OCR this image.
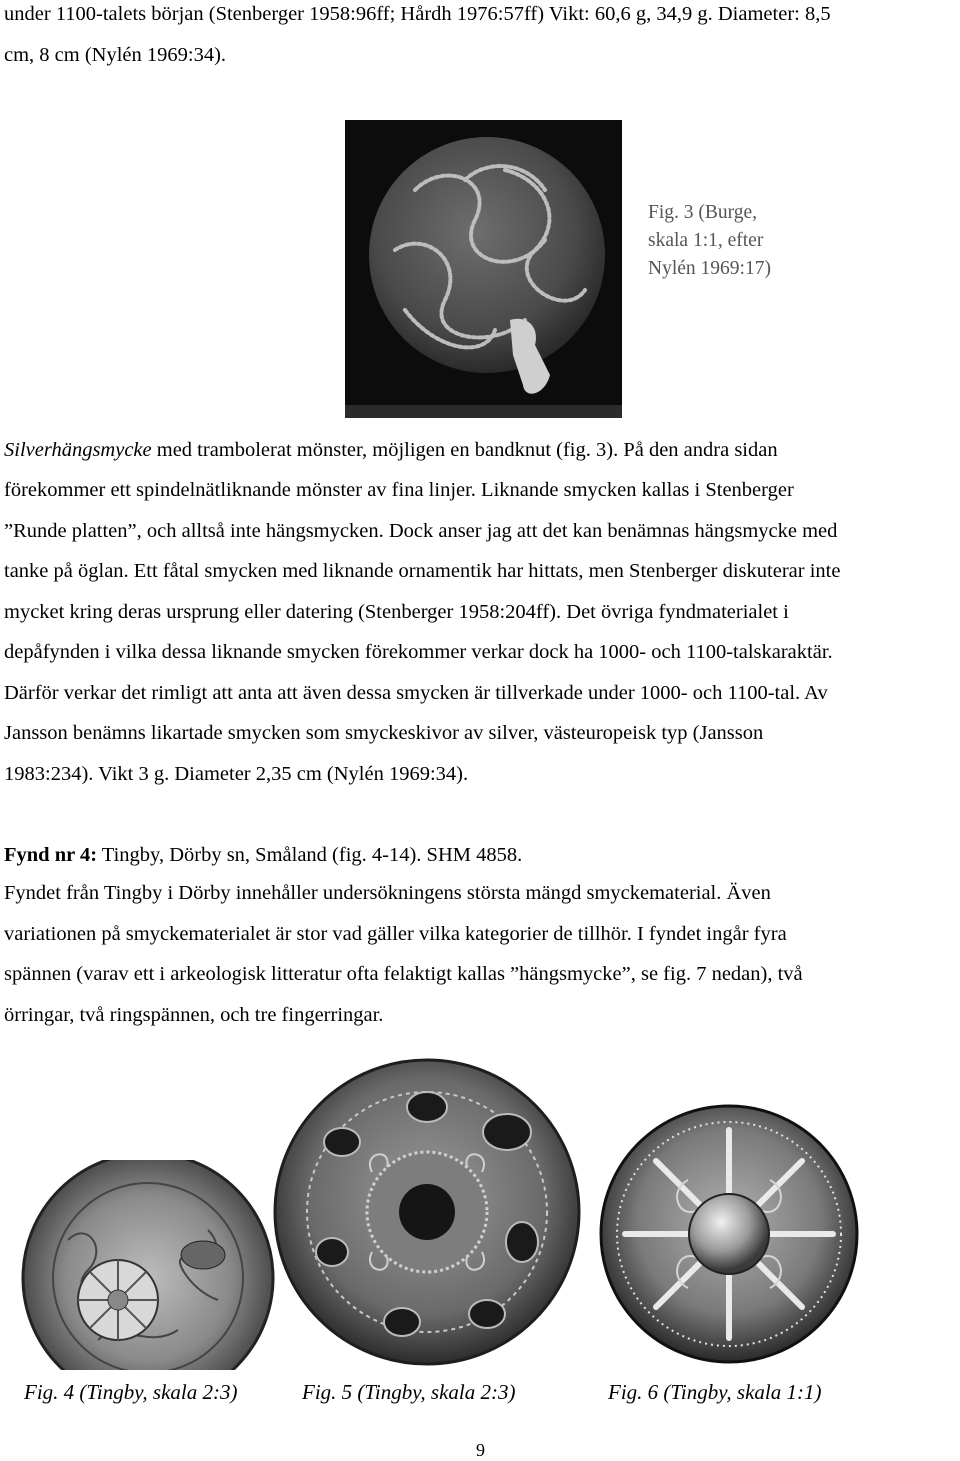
under 1100-talets början (Stenberger 1958:96ff; Hårdh 1976:57ff) Vikt: 60,6 g, 34,9 g. Diameter: 8,5
cm, 8 cm (Nylén 1969:34).
Fig. 3 (Burge,
skala 1:1, efter
Nylén 1969:17)
Silverhängsmycke med trambolerat mönster, möjligen en bandknut (fig. 3). På den andra sidan
förekommer ett spindelnätliknande mönster av fina linjer. Liknande smycken kallas i Stenberger
”Runde platten”, och alltså inte hängsmycken. Dock anser jag att det kan benämnas hängsmycke med
tanke på öglan. Ett fåtal smycken med liknande ornamentik har hittats, men Stenberger diskuterar inte
mycket kring deras ursprung eller datering (Stenberger 1958:204ff). Det övriga fyndmaterialet i
depåfynden i vilka dessa liknande smycken förekommer verkar dock ha 1000- och 1100-talskaraktär.
Därför verkar det rimligt att anta att även dessa smycken är tillverkade under 1000- och 1100-tal. Av
Jansson benämns likartade smycken som smyckeskivor av silver, västeuropeisk typ (Jansson
1983:234). Vikt 3 g. Diameter 2,35 cm (Nylén 1969:34).
Fynd nr 4: Tingby, Dörby sn, Småland (fig. 4-14). SHM 4858.
Fyndet från Tingby i Dörby innehåller undersökningens största mängd smyckematerial. Även
variationen på smyckematerialet är stor vad gäller vilka kategorier de tillhör. I fyndet ingår fyra
spännen (varav ett i arkeologisk litteratur ofta felaktigt kallas ”hängsmycke”, se fig. 7 nedan), två
örringar, två ringspännen, och tre fingerringar.
Fig. 4 (Tingby, skala 2:3)	Fig. 5 (Tingby, skala 2:3)	Fig. 6 (Tingby, skala 1:1)
9
